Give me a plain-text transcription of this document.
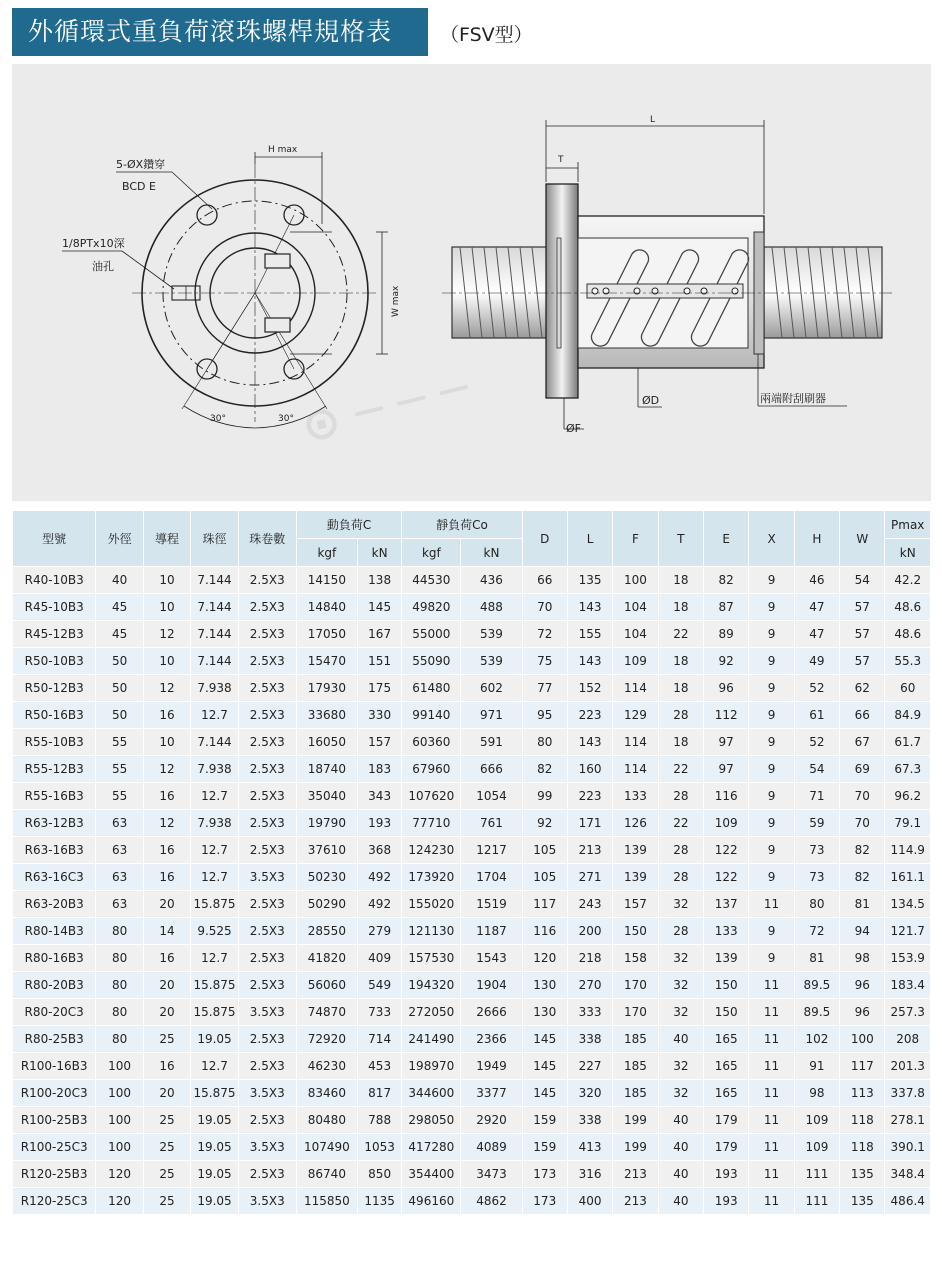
外循環式重負荷滾珠螺桿規格表	（FSV型）
H max
5-ØX鑽穿
BCD E
1/8PTx10深
油孔
W max
30°	30°
L
T
ØD
ØF
兩端附刮刷器
型號	外徑	導程	珠徑	珠卷數	動負荷C		靜負荷Co		D	L	F	T	E	X	H	W	Pmax
					kgf	kN	kgf	kN									kN
R40-10B3	40	10	7.144	2.5X3	14150	138	44530	436	66	135	100	18	82	9	46	54	42.2
R45-10B3	45	10	7.144	2.5X3	14840	145	49820	488	70	143	104	18	87	9	47	57	48.6
R45-12B3	45	12	7.144	2.5X3	17050	167	55000	539	72	155	104	22	89	9	47	57	48.6
R50-10B3	50	10	7.144	2.5X3	15470	151	55090	539	75	143	109	18	92	9	49	57	55.3
R50-12B3	50	12	7.938	2.5X3	17930	175	61480	602	77	152	114	18	96	9	52	62	60
R50-16B3	50	16	12.7	2.5X3	33680	330	99140	971	95	223	129	28	112	9	61	66	84.9
R55-10B3	55	10	7.144	2.5X3	16050	157	60360	591	80	143	114	18	97	9	52	67	61.7
R55-12B3	55	12	7.938	2.5X3	18740	183	67960	666	82	160	114	22	97	9	54	69	67.3
R55-16B3	55	16	12.7	2.5X3	35040	343	107620	1054	99	223	133	28	116	9	71	70	96.2
R63-12B3	63	12	7.938	2.5X3	19790	193	77710	761	92	171	126	22	109	9	59	70	79.1
R63-16B3	63	16	12.7	2.5X3	37610	368	124230	1217	105	213	139	28	122	9	73	82	114.9
R63-16C3	63	16	12.7	3.5X3	50230	492	173920	1704	105	271	139	28	122	9	73	82	161.1
R63-20B3	63	20	15.875	2.5X3	50290	492	155020	1519	117	243	157	32	137	11	80	81	134.5
R80-14B3	80	14	9.525	2.5X3	28550	279	121130	1187	116	200	150	28	133	9	72	94	121.7
R80-16B3	80	16	12.7	2.5X3	41820	409	157530	1543	120	218	158	32	139	9	81	98	153.9
R80-20B3	80	20	15.875	2.5X3	56060	549	194320	1904	130	270	170	32	150	11	89.5	96	183.4
R80-20C3	80	20	15.875	3.5X3	74870	733	272050	2666	130	333	170	32	150	11	89.5	96	257.3
R80-25B3	80	25	19.05	2.5X3	72920	714	241490	2366	145	338	185	40	165	11	102	100	208
R100-16B3	100	16	12.7	2.5X3	46230	453	198970	1949	145	227	185	32	165	11	91	117	201.3
R100-20C3	100	20	15.875	3.5X3	83460	817	344600	3377	145	320	185	32	165	11	98	113	337.8
R100-25B3	100	25	19.05	2.5X3	80480	788	298050	2920	159	338	199	40	179	11	109	118	278.1
R100-25C3	100	25	19.05	3.5X3	107490	1053	417280	4089	159	413	199	40	179	11	109	118	390.1
R120-25B3	120	25	19.05	2.5X3	86740	850	354400	3473	173	316	213	40	193	11	111	135	348.4
R120-25C3	120	25	19.05	3.5X3	115850	1135	496160	4862	173	400	213	40	193	11	111	135	486.4
